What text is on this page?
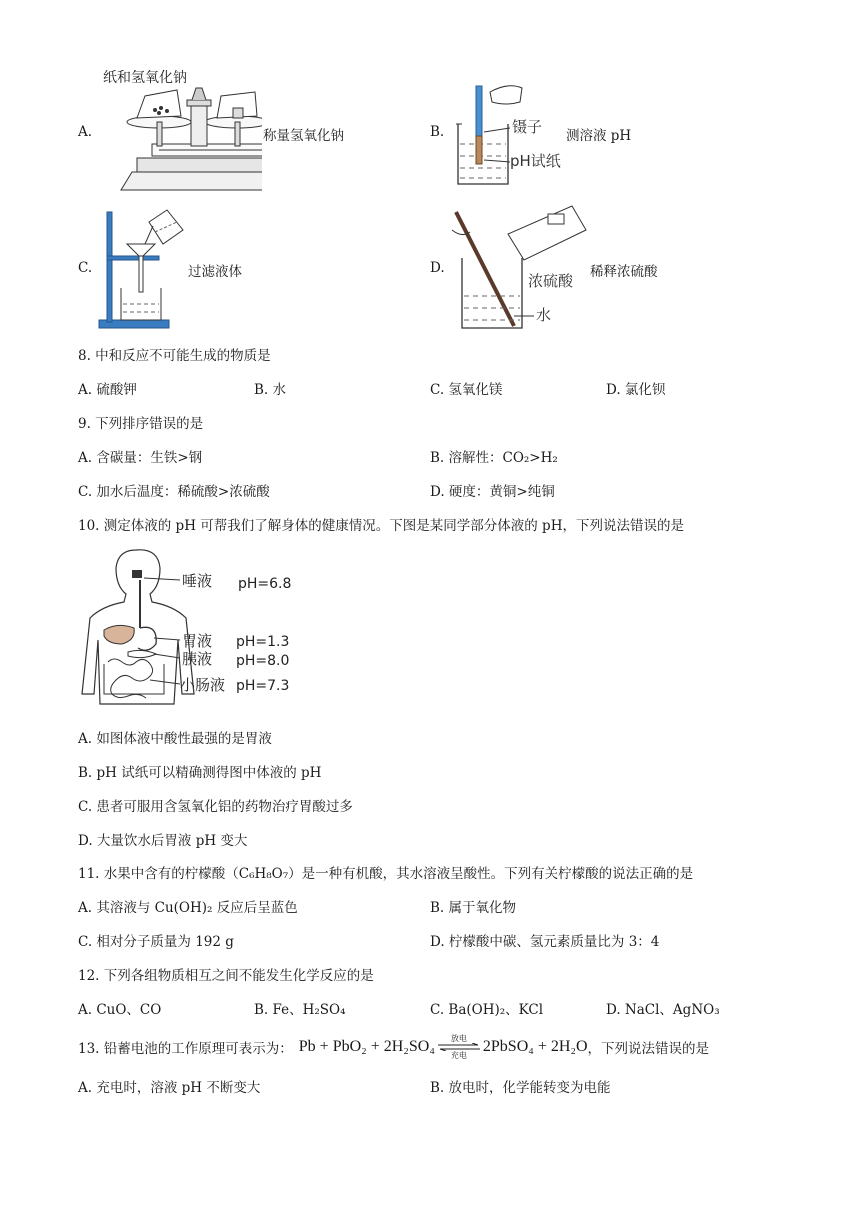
A.
纸和氢氧化钠
称量氢氧化钠	B.	镊子
pH试纸
测溶液 pH
C.	过滤液体	D.
浓硫酸
水
稀释浓硫酸
8. 中和反应不可能生成的物质是
A. 硫酸钾	B. 水	C. 氢氧化镁	D. 氯化钡
9. 下列排序错误的是
A. 含碳量：生铁>钢	B. 溶解性：CO₂>H₂
C. 加水后温度：稀硫酸>浓硫酸	D. 硬度：黄铜>纯铜
10. 测定体液的 pH 可帮我们了解身体的健康情况。下图是某同学部分体液的 pH，下列说法错误的是
唾液 pH=6.8
胃液 pH=1.3
胰液 pH=8.0
小肠液 pH=7.3
A. 如图体液中酸性最强的是胃液
B. pH 试纸可以精确测得图中体液的 pH
C. 患者可服用含氢氧化铝的药物治疗胃酸过多
D. 大量饮水后胃液 pH 变大
11. 水果中含有的柠檬酸（C₆H₈O₇）是一种有机酸，其水溶液呈酸性。下列有关柠檬酸的说法正确的是
A. 其溶液与 Cu(OH)₂ 反应后呈蓝色	B. 属于氧化物
C. 相对分子质量为 192 g	D. 柠檬酸中碳、氢元素质量比为 3：4
12. 下列各组物质相互之间不能发生化学反应的是
A. CuO、CO	B. Fe、H₂SO₄	C. Ba(OH)₂、KCl	D. NaCl、AgNO₃
13. 铅蓄电池的工作原理可表示为： Pb + PbO₂ + 2H₂SO₄ 放电
充电
2PbSO₄ + 2H₂O ，下列说法错误的是
A. 充电时，溶液 pH 不断变大	B. 放电时，化学能转变为电能
